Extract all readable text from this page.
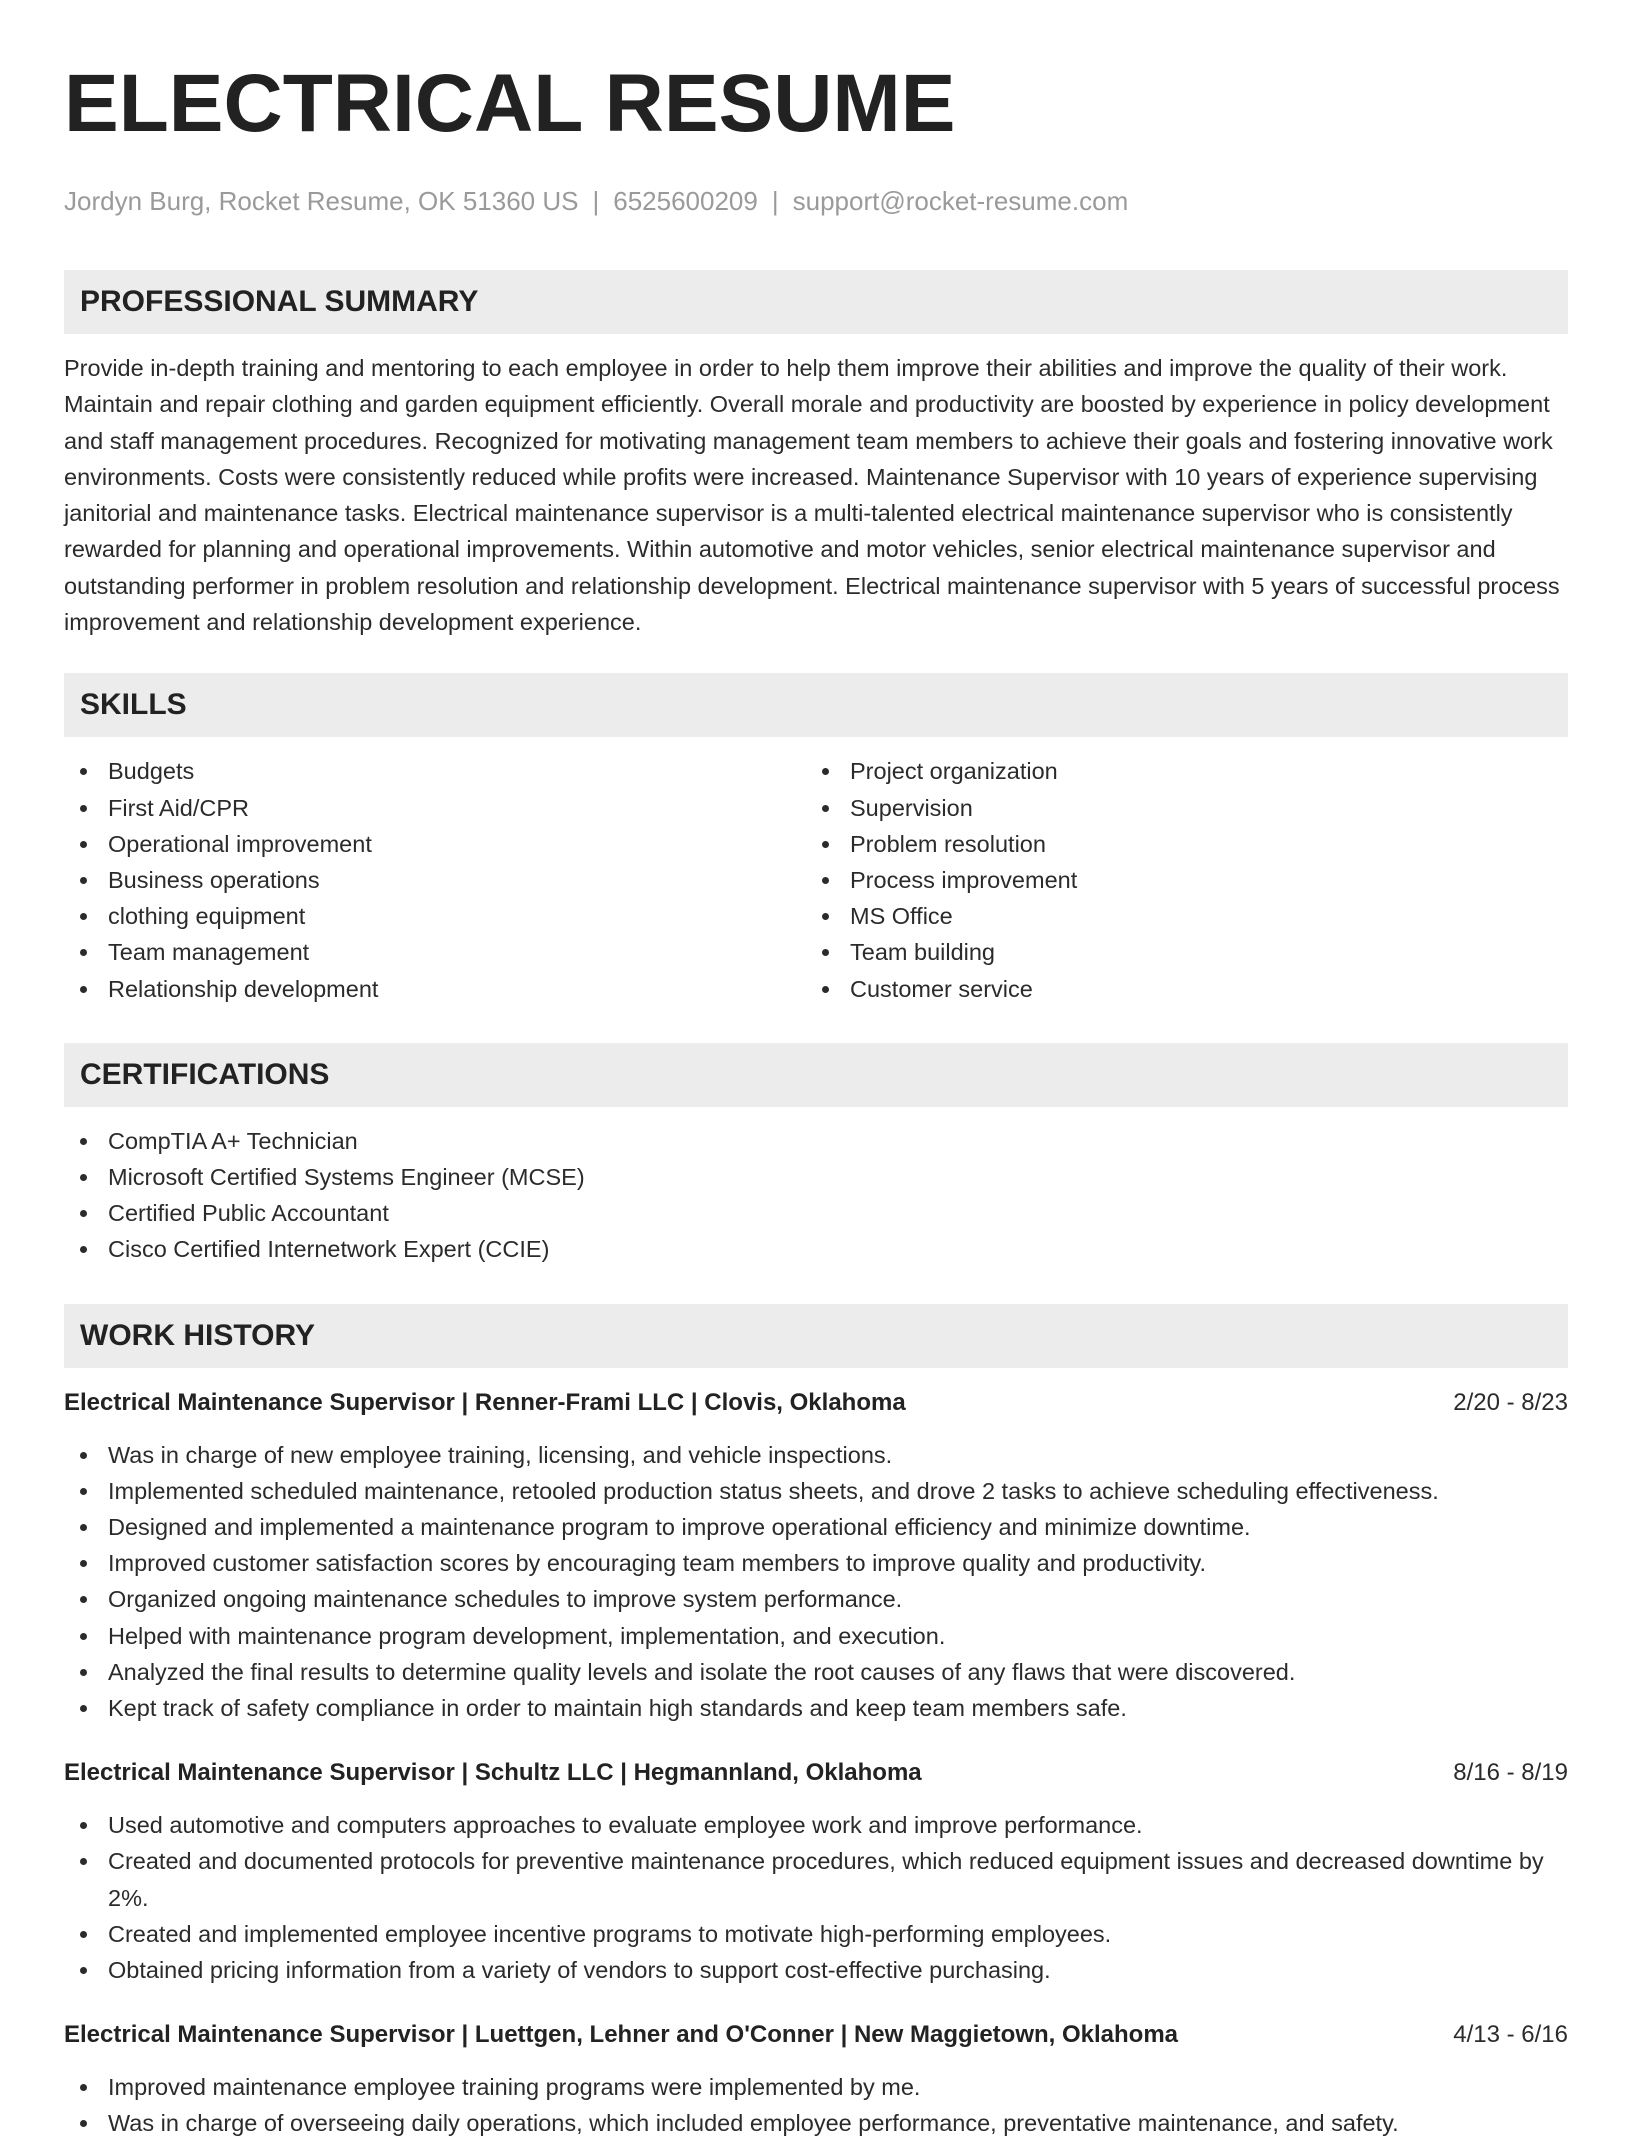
ELECTRICAL RESUME
Jordyn Burg, Rocket Resume, OK 51360 US | 6525600209 | support@rocket-resume.com
PROFESSIONAL SUMMARY
Provide in-depth training and mentoring to each employee in order to help them improve their abilities and improve the quality of their work. Maintain and repair clothing and garden equipment efficiently. Overall morale and productivity are boosted by experience in policy development and staff management procedures. Recognized for motivating management team members to achieve their goals and fostering innovative work environments. Costs were consistently reduced while profits were increased. Maintenance Supervisor with 10 years of experience supervising janitorial and maintenance tasks. Electrical maintenance supervisor is a multi-talented electrical maintenance supervisor who is consistently rewarded for planning and operational improvements. Within automotive and motor vehicles, senior electrical maintenance supervisor and outstanding performer in problem resolution and relationship development. Electrical maintenance supervisor with 5 years of successful process improvement and relationship development experience.
SKILLS
Budgets
First Aid/CPR
Operational improvement
Business operations
clothing equipment
Team management
Relationship development
Project organization
Supervision
Problem resolution
Process improvement
MS Office
Team building
Customer service
CERTIFICATIONS
CompTIA A+ Technician
Microsoft Certified Systems Engineer (MCSE)
Certified Public Accountant
Cisco Certified Internetwork Expert (CCIE)
WORK HISTORY
Electrical Maintenance Supervisor | Renner-Frami LLC | Clovis, Oklahoma	2/20 - 8/23
Was in charge of new employee training, licensing, and vehicle inspections.
Implemented scheduled maintenance, retooled production status sheets, and drove 2 tasks to achieve scheduling effectiveness.
Designed and implemented a maintenance program to improve operational efficiency and minimize downtime.
Improved customer satisfaction scores by encouraging team members to improve quality and productivity.
Organized ongoing maintenance schedules to improve system performance.
Helped with maintenance program development, implementation, and execution.
Analyzed the final results to determine quality levels and isolate the root causes of any flaws that were discovered.
Kept track of safety compliance in order to maintain high standards and keep team members safe.
Electrical Maintenance Supervisor | Schultz LLC | Hegmannland, Oklahoma	8/16 - 8/19
Used automotive and computers approaches to evaluate employee work and improve performance.
Created and documented protocols for preventive maintenance procedures, which reduced equipment issues and decreased downtime by 2%.
Created and implemented employee incentive programs to motivate high-performing employees.
Obtained pricing information from a variety of vendors to support cost-effective purchasing.
Electrical Maintenance Supervisor | Luettgen, Lehner and O'Conner | New Maggietown, Oklahoma	4/13 - 6/16
Improved maintenance employee training programs were implemented by me.
Was in charge of overseeing daily operations, which included employee performance, preventative maintenance, and safety.
